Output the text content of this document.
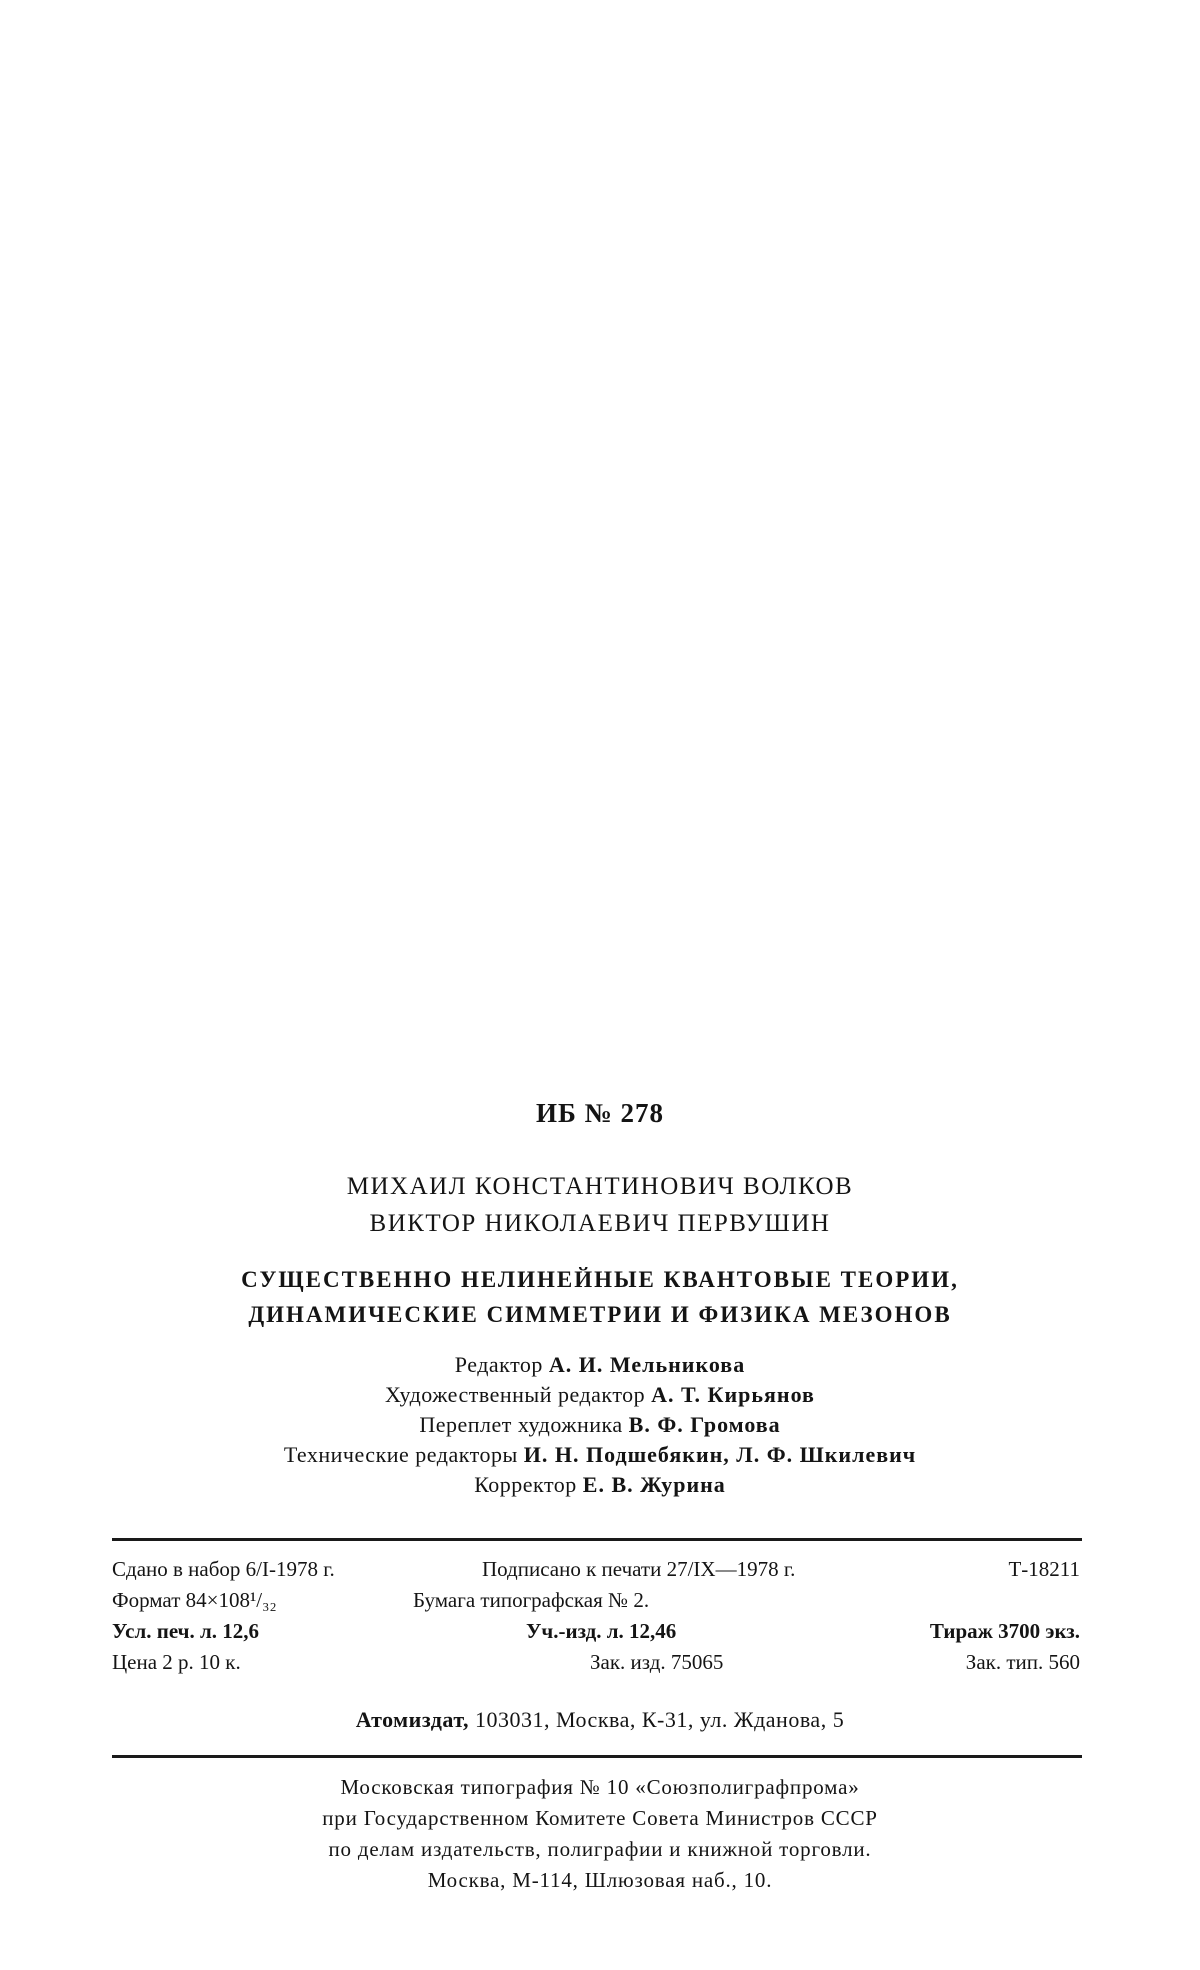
ИБ № 278
МИХАИЛ КОНСТАНТИНОВИЧ ВОЛКОВ
ВИКТОР НИКОЛАЕВИЧ ПЕРВУШИН
СУЩЕСТВЕННО НЕЛИНЕЙНЫЕ КВАНТОВЫЕ ТЕОРИИ,
ДИНАМИЧЕСКИЕ СИММЕТРИИ И ФИЗИКА МЕЗОНОВ
Редактор А. И. Мельникова
Художественный редактор А. Т. Кирьянов
Переплет художника В. Ф. Громова
Технические редакторы И. Н. Подшебякин, Л. Ф. Шкилевич
Корректор Е. В. Журина
Сдано в набор 6/I-1978 г.	Подписано к печати 27/IX—1978 г.	Т-18211
Формат 84×108¹/₃₂	Бумага типографская № 2.
Усл. печ. л. 12,6	Уч.-изд. л. 12,46	Тираж 3700 экз.
Цена 2 р. 10 к.	Зак. изд. 75065	Зак. тип. 560
Атомиздат, 103031, Москва, К-31, ул. Жданова, 5
Московская типография № 10 «Союзполиграфпрома»
при Государственном Комитете Совета Министров СССР
по делам издательств, полиграфии и книжной торговли.
Москва, М-114, Шлюзовая наб., 10.
